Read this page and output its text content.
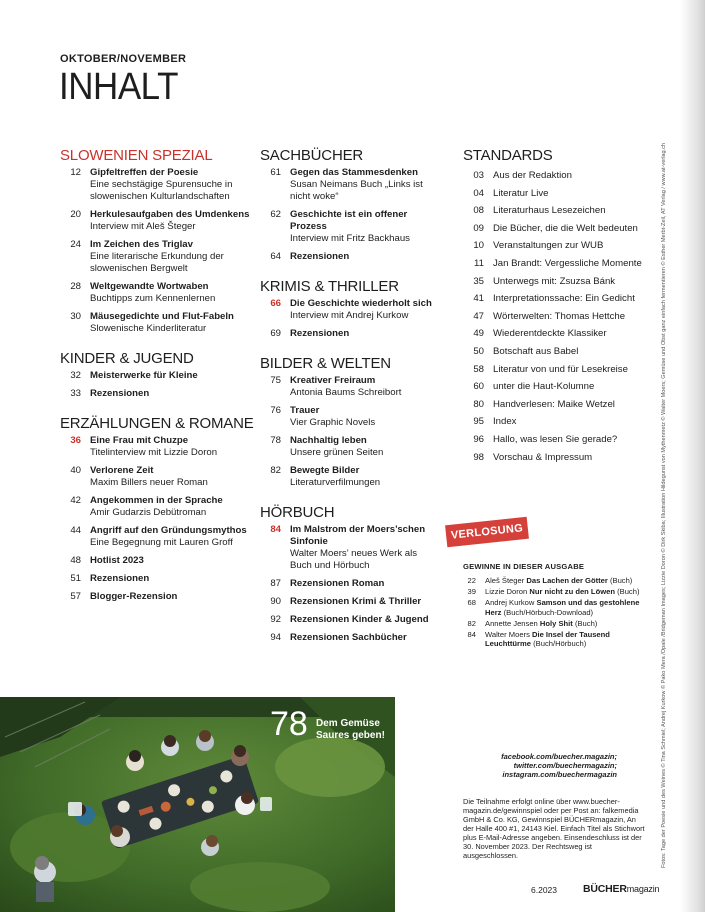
OKTOBER/NOVEMBER
INHALT
SLOWENIEN SPEZIAL
12 Gipfeltreffen der Poesie
Eine sechstägige Spurensuche in slowenischen Kulturlandschaften
20 Herkulesaufgaben des Umdenkens
Interview mit Aleš Šteger
24 Im Zeichen des Triglav
Eine literarische Erkundung der slowenischen Bergwelt
28 Weltgewandte Wortwaben
Buchtipps zum Kennenlernen
30 Mäusegedichte und Flut-Fabeln
Slowenische Kinderliteratur
KINDER & JUGEND
32 Meisterwerke für Kleine
33 Rezensionen
ERZÄHLUNGEN & ROMANE
36 Eine Frau mit Chuzpe
Titelinterview mit Lizzie Doron
40 Verlorene Zeit
Maxim Billers neuer Roman
42 Angekommen in der Sprache
Amir Gudarzis Debütroman
44 Angriff auf den Gründungsmythos
Eine Begegnung mit Lauren Groff
48 Hotlist 2023
51 Rezensionen
57 Blogger-Rezension
SACHBÜCHER
61 Gegen das Stammesdenken
Susan Neimans Buch „Links ist nicht woke“
62 Geschichte ist ein offener Prozess
Interview mit Fritz Backhaus
64 Rezensionen
KRIMIS & THRILLER
66 Die Geschichte wiederholt sich
Interview mit Andrej Kurkow
69 Rezensionen
BILDER & WELTEN
75 Kreativer Freiraum
Antonia Baums Schreibort
76 Trauer
Vier Graphic Novels
78 Nachhaltig leben
Unsere grünen Seiten
82 Bewegte Bilder
Literaturverfilmungen
HÖRBUCH
84 Im Malstrom der Moers’schen Sinfonie
Walter Moers’ neues Werk als Buch und Hörbuch
87 Rezensionen Roman
90 Rezensionen Krimi & Thriller
92 Rezensionen Kinder & Jugend
94 Rezensionen Sachbücher
STANDARDS
03 Aus der Redaktion
04 Literatur Live
08 Literaturhaus Lesezeichen
09 Die Bücher, die die Welt bedeuten
10 Veranstaltungen zur WUB
11 Jan Brandt: Vergessliche Momente
35 Unterwegs mit: Zsuzsa Bánk
41 Interpretationssache: Ein Gedicht
47 Wörterwelten: Thomas Hettche
49 Wiederentdeckte Klassiker
50 Botschaft aus Babel
58 Literatur von und für Lesekreise
60 unter die Haut-Kolumne
80 Handverlesen: Maike Wetzel
95 Index
96 Hallo, was lesen Sie gerade?
98 Vorschau & Impressum
VERLOSUNG
GEWINNE IN DIESER AUSGABE
22 Aleš Šteger Das Lachen der Götter (Buch)
39 Lizzie Doron Nur nicht zu den Löwen (Buch)
68 Andrej Kurkow Samson und das gestohlene Herz (Buch/Hörbuch-Download)
82 Annette Jensen Holy Shit (Buch)
84 Walter Moers Die Insel der Tausend Leuchttürme (Buch/Hörbuch)
78 Dem Gemüse
Saures geben!
facebook.com/buecher.magazin;
twitter.com/buechermagazin;
instagram.com/buechermagazin
Die Teilnahme erfolgt online über www.buecher-magazin.de/gewinnspiel oder per Post an: falkemedia GmbH & Co. KG, Gewinnspiel BÜCHERmagazin, An der Halle 400 #1, 24143 Kiel. Einfach Titel als Stichwort plus E-Mail-Adresse angeben. Einsendeschluss ist der 30. November 2023. Der Rechtsweg ist ausgeschlossen.
6.2023 BÜCHERmagazin
Fotos: Tage der Poesie und des Weines © Tina Schmiel; Andrej Kurkow © Pako Mera /Opale /Bridgeman Images; Lizzie Doron © Dirk Skiba; Illustration Hildegunst von Mythenmetz © Walter Moers; Gemüse und Obst ganz einfach fermentieren © Esther Merbt-Zeil, AT Verlag / www.at-verlag.ch
